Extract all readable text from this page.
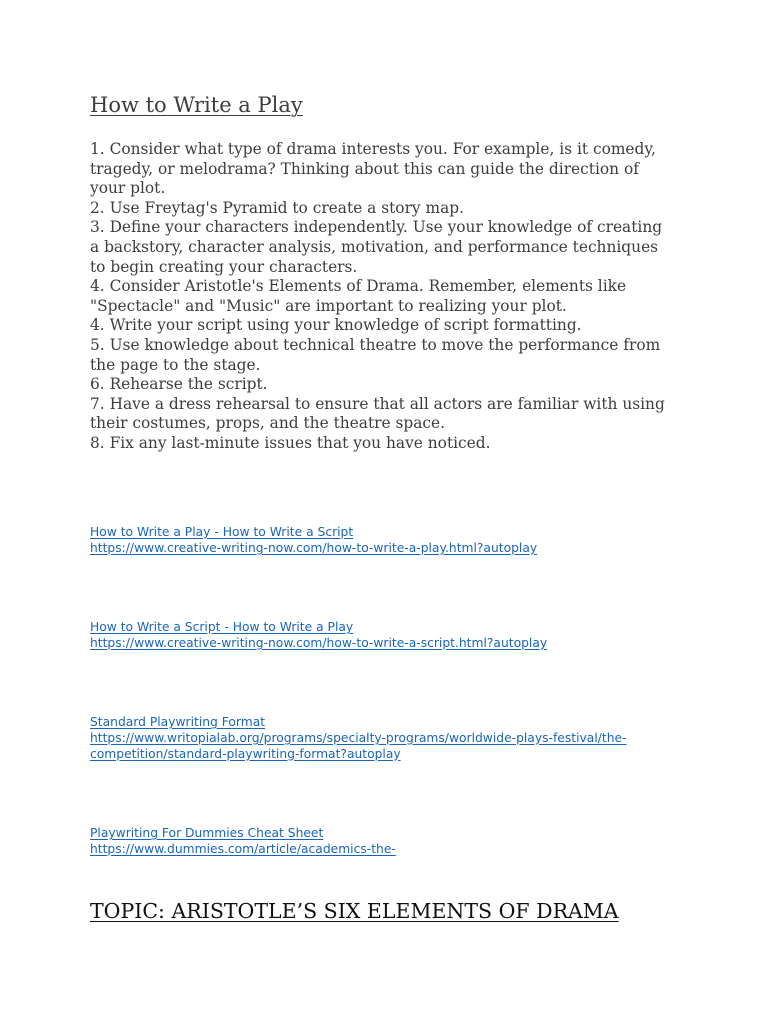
How to Write a Play
1. Consider what type of drama interests you. For example, is it comedy,
tragedy, or melodrama? Thinking about this can guide the direction of
your plot.
2. Use Freytag's Pyramid to create a story map.
3. Define your characters independently. Use your knowledge of creating
a backstory, character analysis, motivation, and performance techniques
to begin creating your characters.
4. Consider Aristotle's Elements of Drama. Remember, elements like
"Spectacle" and "Music" are important to realizing your plot.
4. Write your script using your knowledge of script formatting.
5. Use knowledge about technical theatre to move the performance from
the page to the stage.
6. Rehearse the script.
7. Have a dress rehearsal to ensure that all actors are familiar with using
their costumes, props, and the theatre space.
8. Fix any last-minute issues that you have noticed.
How to Write a Play - How to Write a Script
https://www.creative-writing-now.com/how-to-write-a-play.html?autoplay
How to Write a Script - How to Write a Play
https://www.creative-writing-now.com/how-to-write-a-script.html?autoplay
Standard Playwriting Format
https://www.writopialab.org/programs/specialty-programs/worldwide-plays-festival/the-
competition/standard-playwriting-format?autoplay
Playwriting For Dummies Cheat Sheet
https://www.dummies.com/article/academics-the-
TOPIC: ARISTOTLE’S SIX ELEMENTS OF DRAMA
